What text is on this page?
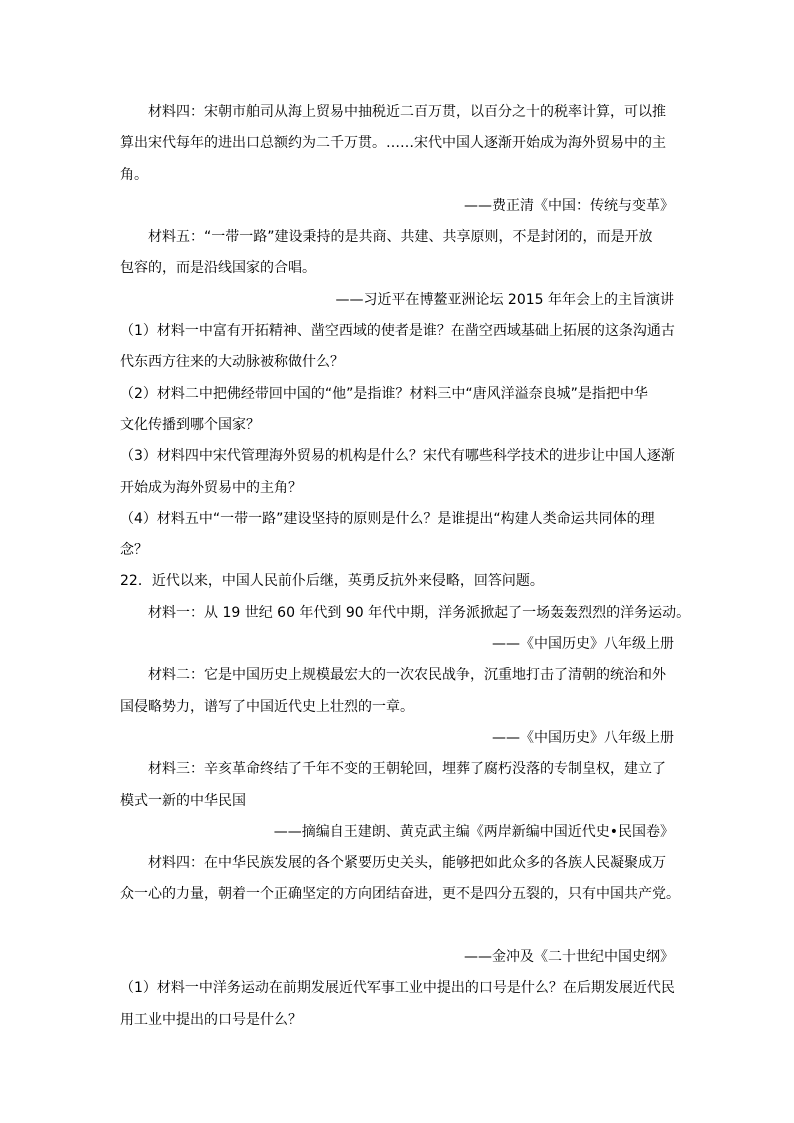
材料四：宋朝市舶司从海上贸易中抽税近二百万贯，以百分之十的税率计算，可以推
算出宋代每年的进出口总额约为二千万贯。……宋代中国人逐渐开始成为海外贸易中的主
角。
——费正清《中国：传统与变革》
材料五：“一带一路”建设秉持的是共商、共建、共享原则，不是封闭的，而是开放
包容的，而是沿线国家的合唱。
——习近平在博鳌亚洲论坛 2015 年年会上的主旨演讲
（1）材料一中富有开拓精神、凿空西域的使者是谁？在凿空西域基础上拓展的这条沟通古
代东西方往来的大动脉被称做什么？
（2）材料二中把佛经带回中国的“他”是指谁？材料三中“唐风洋溢奈良城”是指把中华
文化传播到哪个国家？
（3）材料四中宋代管理海外贸易的机构是什么？宋代有哪些科学技术的进步让中国人逐渐
开始成为海外贸易中的主角？
（4）材料五中“一带一路”建设坚持的原则是什么？是谁提出“构建人类命运共同体的理
念？
22．近代以来，中国人民前仆后继，英勇反抗外来侵略，回答问题。
材料一：从 19 世纪 60 年代到 90 年代中期，洋务派掀起了一场轰轰烈烈的洋务运动。
——《中国历史》八年级上册
材料二：它是中国历史上规模最宏大的一次农民战争，沉重地打击了清朝的统治和外
国侵略势力，谱写了中国近代史上壮烈的一章。
——《中国历史》八年级上册
材料三：辛亥革命终结了千年不变的王朝轮回，埋葬了腐朽没落的专制皇权，建立了
模式一新的中华民国
——摘编自王建朗、黄克武主编《两岸新编中国近代史•民国卷》
材料四：在中华民族发展的各个紧要历史关头，能够把如此众多的各族人民凝聚成万
众一心的力量，朝着一个正确坚定的方向团结奋进，更不是四分五裂的，只有中国共产党。
——金冲及《二十世纪中国史纲》
（1）材料一中洋务运动在前期发展近代军事工业中提出的口号是什么？在后期发展近代民
用工业中提出的口号是什么？
